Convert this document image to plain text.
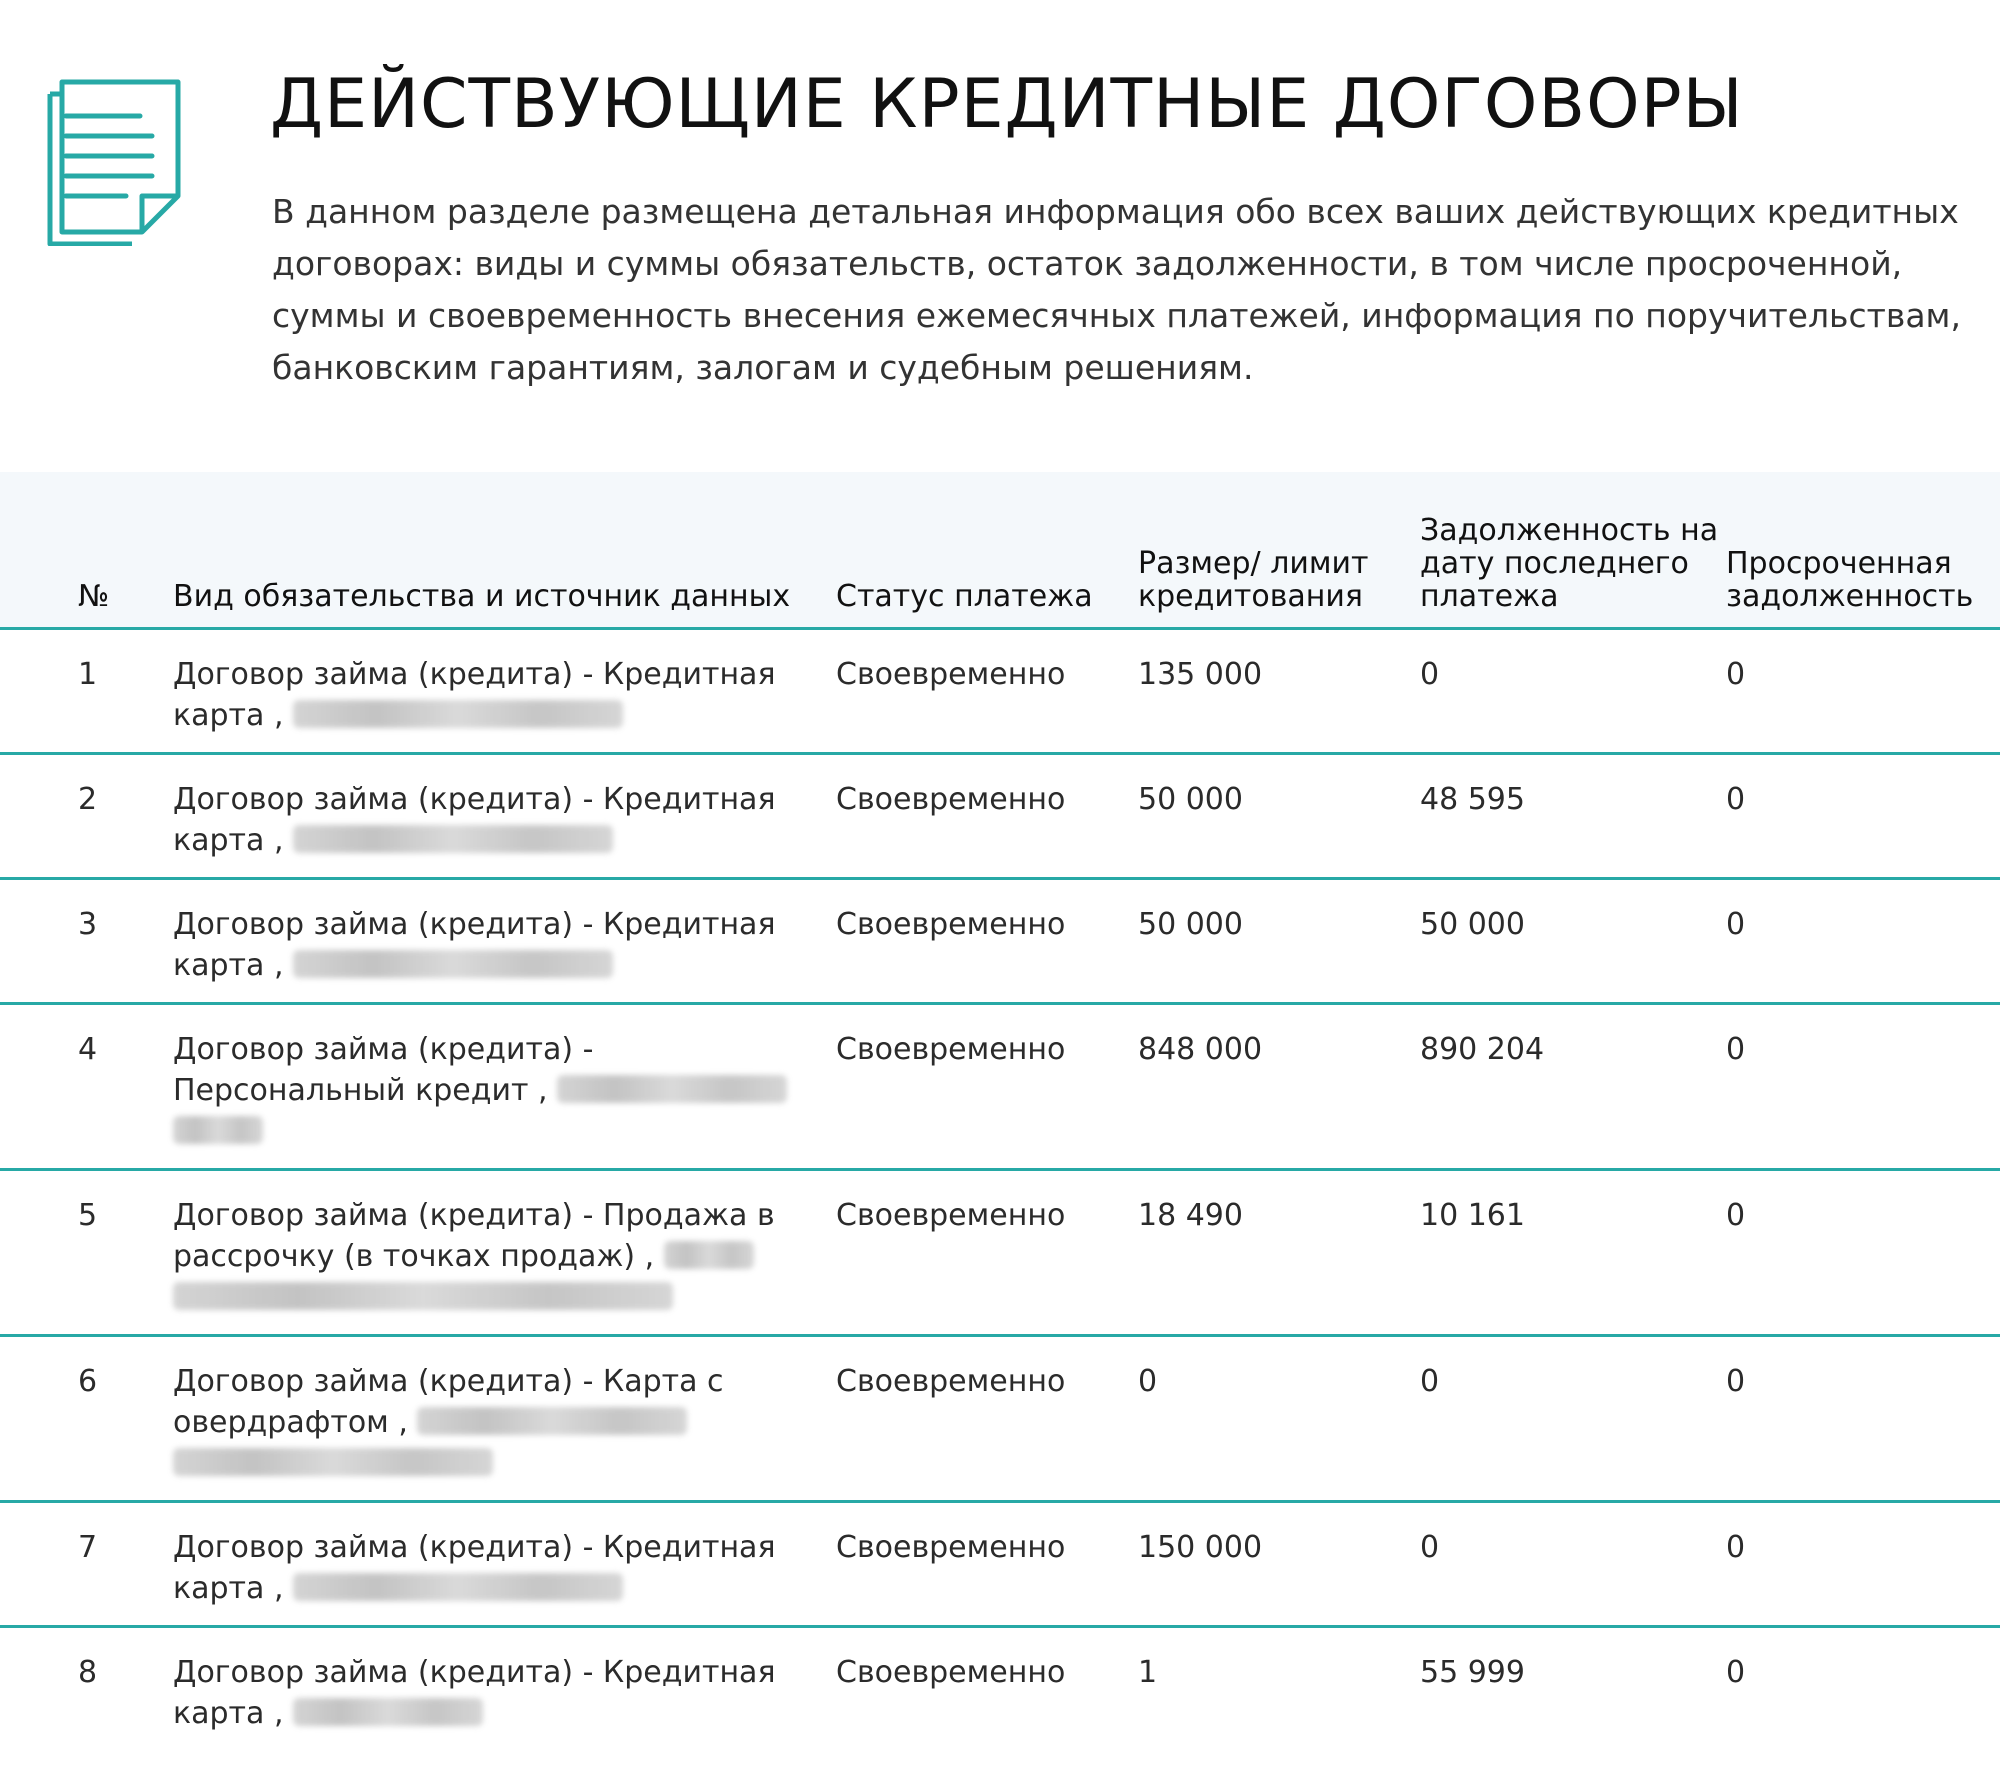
ДЕЙСТВУЮЩИЕ КРЕДИТНЫЕ ДОГОВОРЫ

В данном разделе размещена детальная информация обо всех ваших действующих кредитных договорах: виды и суммы обязательств, остаток задолженности, в том числе просроченной, суммы и своевременность внесения ежемесячных платежей, информация по поручительствам, банковским гарантиям, залогам и судебным решениям.

№	Вид обязательства и источник данных	Статус платежа	Размер/ лимит кредитования	Задолженность на дату последнего платежа	Просроченная задолженность
1	Договор займа (кредита) - Кредитная карта ,	Своевременно	135 000	0	0
2	Договор займа (кредита) - Кредитная карта ,	Своевременно	50 000	48 595	0
3	Договор займа (кредита) - Кредитная карта ,	Своевременно	50 000	50 000	0
4	Договор займа (кредита) - Персональный кредит ,	Своевременно	848 000	890 204	0
5	Договор займа (кредита) - Продажа в рассрочку (в точках продаж) ,	Своевременно	18 490	10 161	0
6	Договор займа (кредита) - Карта с овердрафтом ,	Своевременно	0	0	0
7	Договор займа (кредита) - Кредитная карта ,	Своевременно	150 000	0	0
8	Договор займа (кредита) - Кредитная карта ,	Своевременно	1	55 999	0
